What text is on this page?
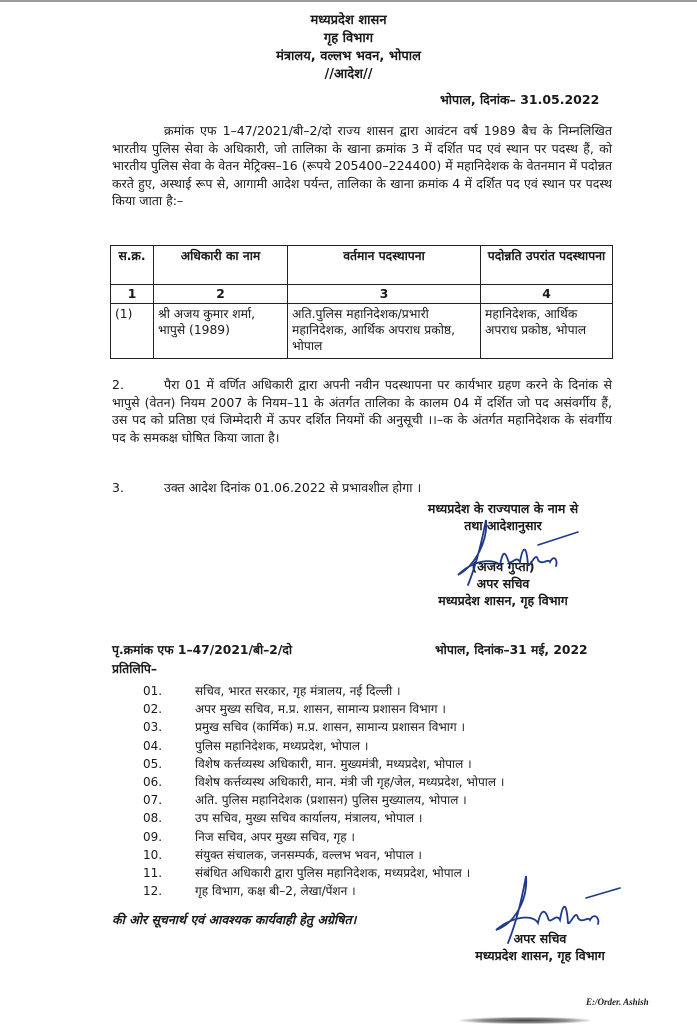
मध्यप्रदेश शासन
गृह विभाग
मंत्रालय, वल्लभ भवन, भोपाल
//आदेश//
भोपाल, दिनांक– 31.05.2022
क्रमांक एफ 1–47/2021/बी–2/दो राज्य शासन द्वारा आवंटन वर्ष 1989 बैच के निम्नलिखित भारतीय पुलिस सेवा के अधिकारी, जो तालिका के खाना क्रमांक 3 में दर्शित पद एवं स्थान पर पदस्थ हैं, को भारतीय पुलिस सेवा के वेतन मेट्रिक्स–16 (रूपये 205400–224400) में महानिदेशक के वेतनमान में पदोन्नत करते हुए, अस्थाई रूप से, आगामी आदेश पर्यन्त, तालिका के खाना क्रमांक 4 में दर्शित पद एवं स्थान पर पदस्थ किया जाता है:–
स.क्र.	अधिकारी का नाम	वर्तमान पदस्थापना	पदोन्नति उपरांत पदस्थापना
1	2	3	4
(1)	श्री अजय कुमार शर्मा, भापुसे (1989)	अति.पुलिस महानिदेशक/प्रभारी महानिदेशक, आर्थिक अपराध प्रकोष्ठ, भोपाल	महानिदेशक, आर्थिक अपराध प्रकोष्ठ, भोपाल
2.	पैरा 01 में वर्णित अधिकारी द्वारा अपनी नवीन पदस्थापना पर कार्यभार ग्रहण करने के दिनांक से भापुसे (वेतन) नियम 2007 के नियम–11 के अंतर्गत तालिका के कालम 04 में दर्शित जो पद असंवर्गीय हैं, उस पद को प्रतिष्ठा एवं जिम्मेदारी में ऊपर दर्शित नियमों की अनुसूची ।।–क के अंतर्गत महानिदेशक के संवर्गीय पद के समकक्ष घोषित किया जाता है।
3.	उक्त आदेश दिनांक 01.06.2022 से प्रभावशील होगा ।
मध्यप्रदेश के राज्यपाल के नाम से
तथा आदेशानुसार
(अजय गुप्ता)
अपर सचिव
मध्यप्रदेश शासन, गृह विभाग
पृ.क्रमांक एफ 1–47/2021/बी–2/दो	भोपाल, दिनांक–31 मई, 2022
प्रतिलिपि–
01.	सचिव, भारत सरकार, गृह मंत्रालय, नई दिल्ली ।
02.	अपर मुख्य सचिव, म.प्र. शासन, सामान्य प्रशासन विभाग ।
03.	प्रमुख सचिव (कार्मिक) म.प्र. शासन, सामान्य प्रशासन विभाग ।
04.	पुलिस महानिदेशक, मध्यप्रदेश, भोपाल ।
05.	विशेष कर्त्तव्यस्थ अधिकारी, मान. मुख्यमंत्री, मध्यप्रदेश, भोपाल ।
06.	विशेष कर्त्तव्यस्थ अधिकारी, मान. मंत्री जी गृह/जेल, मध्यप्रदेश, भोपाल ।
07.	अति. पुलिस महानिदेशक (प्रशासन) पुलिस मुख्यालय, भोपाल ।
08.	उप सचिव, मुख्य सचिव कार्यालय, मंत्रालय, भोपाल ।
09.	निज सचिव, अपर मुख्य सचिव, गृह ।
10.	संयुक्त संचालक, जनसम्पर्क, वल्लभ भवन, भोपाल ।
11.	संबंधित अधिकारी द्वारा पुलिस महानिदेशक, मध्यप्रदेश, भोपाल ।
12.	गृह विभाग, कक्ष बी–2, लेखा/पेंशन ।
की ओर सूचनार्थ एवं आवश्यक कार्यवाही हेतु अग्रेषित।
अपर सचिव
मध्यप्रदेश शासन, गृह विभाग
E:/Order. Ashish
